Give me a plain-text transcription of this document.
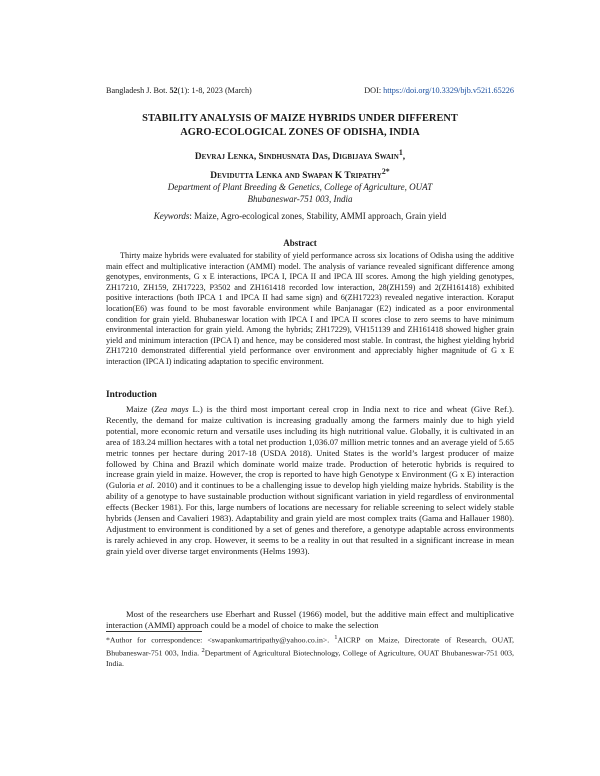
Bangladesh J. Bot. 52(1): 1-8, 2023 (March)	DOI: https://doi.org/10.3329/bjb.v52i1.65226
STABILITY ANALYSIS OF MAIZE HYBRIDS UNDER DIFFERENT
AGRO-ECOLOGICAL ZONES OF ODISHA, INDIA
Devraj Lenka, Sindhusnata Das, Digbijaya Swain$^1$,
Devidutta Lenka and Swapan K Tripathy$^{2*}$
Department of Plant Breeding & Genetics, College of Agriculture, OUAT
Bhubaneswar-751 003, India
Keywords: Maize, Agro-ecological zones, Stability, AMMI approach, Grain yield
Abstract
Thirty maize hybrids were evaluated for stability of yield performance across six locations of Odisha using the additive main effect and multiplicative interaction (AMMI) model. The analysis of variance revealed significant difference among genotypes, environments, G x E interactions, IPCA I, IPCA II and IPCA III scores. Among the high yielding genotypes, ZH17210, ZH159, ZH17223, P3502 and ZH161418 recorded low interaction, 28(ZH159) and 2(ZH161418) exhibited positive interactions (both IPCA 1 and IPCA II had same sign) and 6(ZH17223) revealed negative interaction. Koraput location(E6) was found to be most favorable environment while Banjanagar (E2) indicated as a poor environmental condition for grain yield. Bhubaneswar location with IPCA I and IPCA II scores close to zero seems to have minimum environmental interaction for grain yield. Among the hybrids; ZH17229), VH151139 and ZH161418 showed higher grain yield and minimum interaction (IPCA I) and hence, may be considered most stable. In contrast, the highest yielding hybrid ZH17210 demonstrated differential yield performance over environment and appreciably higher magnitude of G x E interaction (IPCA I) indicating adaptation to specific environment.
Introduction
Maize (Zea mays L.) is the third most important cereal crop in India next to rice and wheat (Give Ref.). Recently, the demand for maize cultivation is increasing gradually among the farmers mainly due to high yield potential, more economic return and versatile uses including its high nutritional value. Globally, it is cultivated in an area of 183.24 million hectares with a total net production 1,036.07 million metric tonnes and an average yield of 5.65 metric tonnes per hectare during 2017-18 (USDA 2018). United States is the world’s largest producer of maize followed by China and Brazil which dominate world maize trade. Production of heterotic hybrids is required to increase grain yield in maize. However, the crop is reported to have high Genotype x Environment (G x E) interaction (Guloria et al. 2010) and it continues to be a challenging issue to develop high yielding maize hybrids. Stability is the ability of a genotype to have sustainable production without significant variation in yield regardless of environmental effects (Becker 1981). For this, large numbers of locations are necessary for reliable screening to select widely stable hybrids (Jensen and Cavalieri 1983). Adaptability and grain yield are most complex traits (Gama and Hallauer 1980). Adjustment to environment is conditioned by a set of genes and therefore, a genotype adaptable across environments is rarely achieved in any crop. However, it seems to be a reality in out that resulted in a significant increase in mean grain yield over diverse target environments (Helms 1993).
Most of the researchers use Eberhart and Russel (1966) model, but the additive main effect and multiplicative interaction (AMMI) approach could be a model of choice to make the selection
*Author for correspondence: <swapankumartripathy@yahoo.co.in>. $^1$AICRP on Maize, Directorate of Research, OUAT, Bhubaneswar-751 003, India. $^2$Department of Agricultural Biotechnology, College of Agriculture, OUAT Bhubaneswar-751 003, India.
